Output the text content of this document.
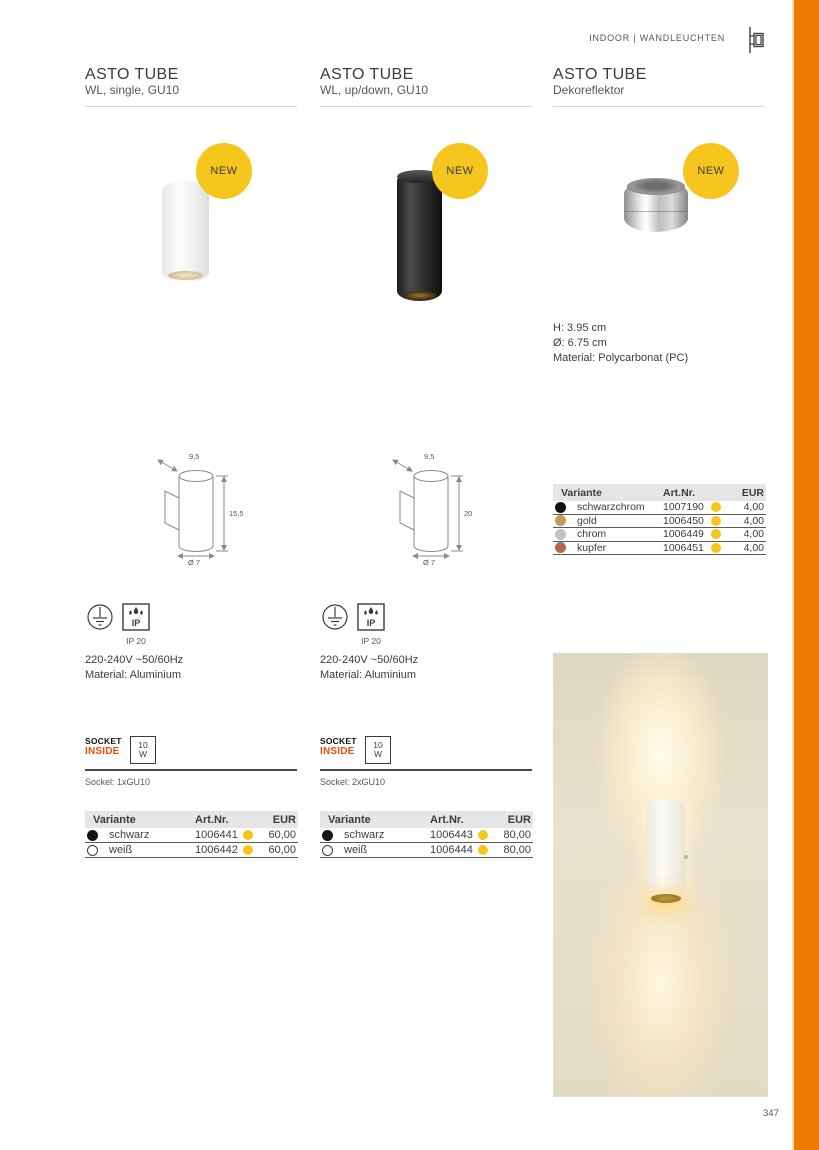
INDOOR | WANDLEUCHTEN
347
ASTO TUBE
WL, single, GU10
NEW
9,5
15,5
Ø 7
IP
IP 20
220-240V ~50/60Hz
Material: Aluminium
SOCKET
INSIDE
10
W
Sockel: 1xGU10
Variante	Art.Nr.	EUR
schwarz	1006441	60,00
weiß	1006442	60,00
ASTO TUBE
WL, up/down, GU10
NEW
9,5
20
Ø 7
IP
IP 20
220-240V ~50/60Hz
Material: Aluminium
SOCKET
INSIDE
10
W
Sockel: 2xGU10
Variante	Art.Nr.	EUR
schwarz	1006443	80,00
weiß	1006444	80,00
ASTO TUBE
Dekoreflektor
NEW
H: 3.95 cm
Ø: 6.75 cm
Material: Polycarbonat (PC)
Variante	Art.Nr.	EUR
schwarzchrom	1007190	4,00
gold	1006450	4,00
chrom	1006449	4,00
kupfer	1006451	4,00
